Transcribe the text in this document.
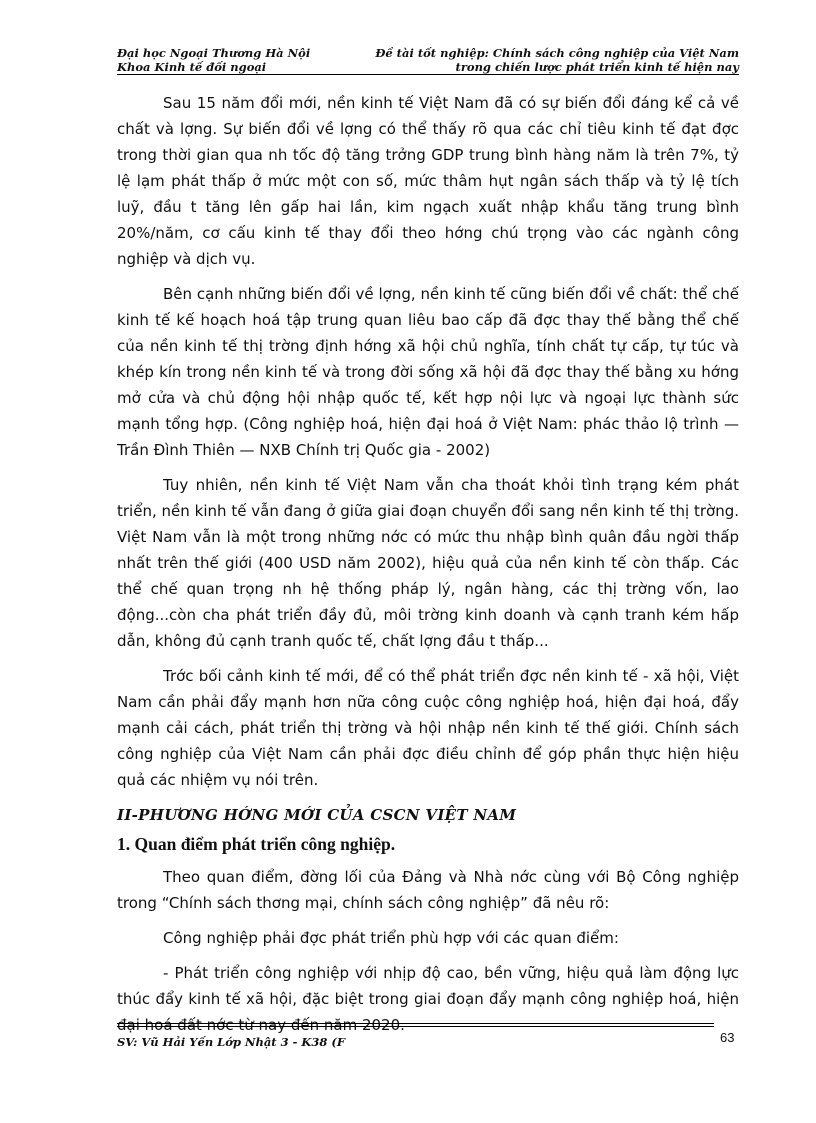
Đại học Ngoại Thương Hà Nội	Đề tài tốt nghiệp: Chính sách công nghiệp của Việt Nam
Khoa Kinh tế đối ngoại	trong chiến lược phát triển kinh tế hiện nay

Sau 15 năm đổi mới, nền kinh tế Việt Nam đã có sự biến đổi đáng kể cả về chất và lợng. Sự biến đổi về lợng có thể thấy rõ qua các chỉ tiêu kinh tế đạt đợc trong thời gian qua nh tốc độ tăng trởng GDP trung bình hàng năm là trên 7%, tỷ lệ lạm phát thấp ở mức một con số, mức thâm hụt ngân sách thấp và tỷ lệ tích luỹ, đầu t tăng lên gấp hai lần, kim ngạch xuất nhập khẩu tăng trung bình 20%/năm, cơ cấu kinh tế thay đổi theo hớng chú trọng vào các ngành công nghiệp và dịch vụ.

Bên cạnh những biến đổi về lợng, nền kinh tế cũng biến đổi về chất: thể chế kinh tế kế hoạch hoá tập trung quan liêu bao cấp đã đợc thay thế bằng thể chế của nền kinh tế thị trờng định hớng xã hội chủ nghĩa, tính chất tự cấp, tự túc và khép kín trong nền kinh tế và trong đời sống xã hội đã đợc thay thế bằng xu hớng mở cửa và chủ động hội nhập quốc tế, kết hợp nội lực và ngoại lực thành sức mạnh tổng hợp. (Công nghiệp hoá, hiện đại hoá ở Việt Nam: phác thảo lộ trình — Trần Đình Thiên — NXB Chính trị Quốc gia - 2002)

Tuy nhiên, nền kinh tế Việt Nam vẫn cha thoát khỏi tình trạng kém phát triển, nền kinh tế vẫn đang ở giữa giai đoạn chuyển đổi sang nền kinh tế thị trờng. Việt Nam vẫn là một trong những nớc có mức thu nhập bình quân đầu ngời thấp nhất trên thế giới (400 USD năm 2002), hiệu quả của nền kinh tế còn thấp. Các thể chế quan trọng nh hệ thống pháp lý, ngân hàng, các thị trờng vốn, lao động...còn cha phát triển đầy đủ, môi trờng kinh doanh và cạnh tranh kém hấp dẫn, không đủ cạnh tranh quốc tế, chất lợng đầu t thấp...

Trớc bối cảnh kinh tế mới, để có thể phát triển đợc nền kinh tế - xã hội, Việt Nam cần phải đẩy mạnh hơn nữa công cuộc công nghiệp hoá, hiện đại hoá, đẩy mạnh cải cách, phát triển thị trờng và hội nhập nền kinh tế thế giới. Chính sách công nghiệp của Việt Nam cần phải đợc điều chỉnh để góp phần thực hiện hiệu quả các nhiệm vụ nói trên.

II-PHƯƠNG HỚNG MỚI CỦA CSCN VIỆT NAM
1. Quan điểm phát triển công nghiệp.

Theo quan điểm, đờng lối của Đảng và Nhà nớc cùng với Bộ Công nghiệp trong “Chính sách thơng mại, chính sách công nghiệp” đã nêu rõ:

Công nghiệp phải đợc phát triển phù hợp với các quan điểm:

- Phát triển công nghiệp với nhịp độ cao, bền vững, hiệu quả làm động lực thúc đẩy kinh tế xã hội, đặc biệt trong giai đoạn đẩy mạnh công nghiệp hoá, hiện đại hoá đất nớc từ nay đến năm 2020.

SV: Vũ Hải Yến Lớp Nhật 3 - K38 (F	63
